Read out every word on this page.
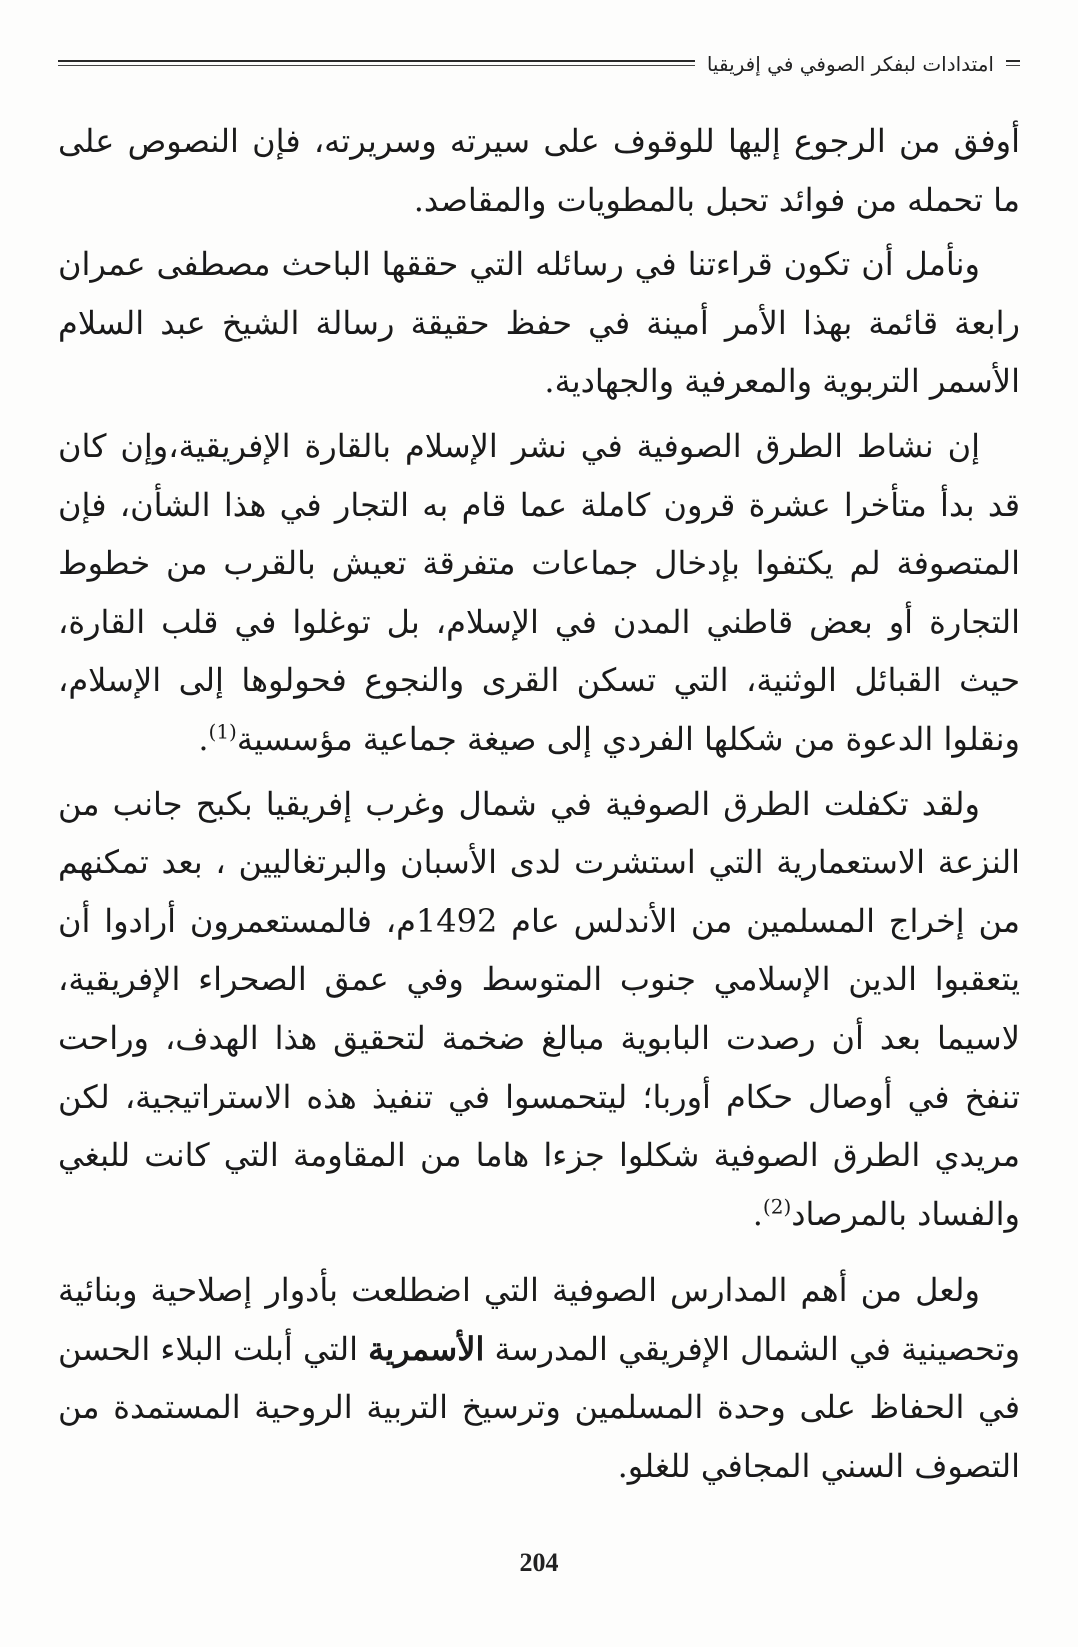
امتدادات لبفكر الصوفي في إفريقيا

أوفق من الرجوع إليها للوقوف على سيرته وسريرته، فإن النصوص على ما تحمله من فوائد تحبل بالمطويات والمقاصد.

ونأمل أن تكون قراءتنا في رسائله التي حققها الباحث مصطفى عمران رابعة قائمة بهذا الأمر أمينة في حفظ حقيقة رسالة الشيخ عبد السلام الأسمر التربوية والمعرفية والجهادية.

إن نشاط الطرق الصوفية في نشر الإسلام بالقارة الإفريقية،وإن كان قد بدأ متأخرا عشرة قرون كاملة عما قام به التجار في هذا الشأن، فإن المتصوفة لم يكتفوا بإدخال جماعات متفرقة تعيش بالقرب من خطوط التجارة أو بعض قاطني المدن في الإسلام، بل توغلوا في قلب القارة، حيث القبائل الوثنية، التي تسكن القرى والنجوع فحولوها إلى الإسلام، ونقلوا الدعوة من شكلها الفردي إلى صيغة جماعية مؤسسية$^{(1)}$.

ولقد تكفلت الطرق الصوفية في شمال وغرب إفريقيا بكبح جانب من النزعة الاستعمارية التي استشرت لدى الأسبان والبرتغاليين ، بعد تمكنهم من إخراج المسلمين من الأندلس عام 1492م، فالمستعمرون أرادوا أن يتعقبوا الدين الإسلامي جنوب المتوسط وفي عمق الصحراء الإفريقية، لاسيما بعد أن رصدت البابوية مبالغ ضخمة لتحقيق هذا الهدف، وراحت تنفخ في أوصال حكام أوربا؛ ليتحمسوا في تنفيذ هذه الاستراتيجية، لكن مريدي الطرق الصوفية شكلوا جزءا هاما من المقاومة التي كانت للبغي والفساد بالمرصاد$^{(2)}$.

ولعل من أهم المدارس الصوفية التي اضطلعت بأدوار إصلاحية وبنائية وتحصينية في الشمال الإفريقي المدرسة الأسمرية التي أبلت البلاء الحسن في الحفاظ على وحدة المسلمين وترسيخ التربية الروحية المستمدة من التصوف السني المجافي للغلو.

204
